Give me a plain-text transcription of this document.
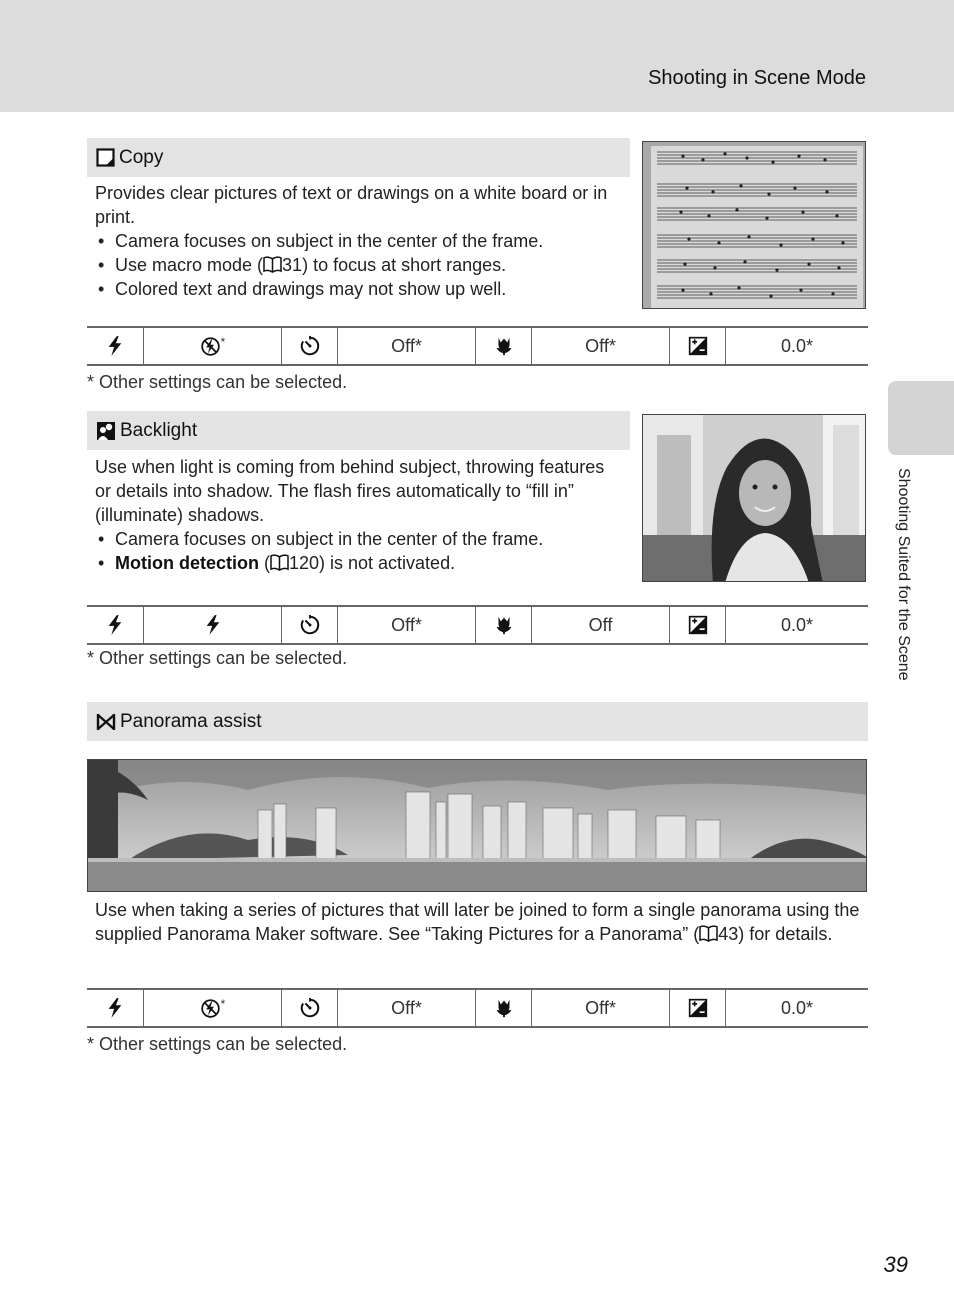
Shooting in Scene Mode
Shooting Suited for the Scene
Copy

Provides clear pictures of text or drawings on a white board or in print.

• Camera focuses on subject in the center of the frame.
• Use macro mode ( 31) to focus at short ranges.
• Colored text and drawings may not show up well.
*	Off*	Off*	0.0*
* Other settings can be selected.
Backlight

Use when light is coming from behind subject, throwing features or details into shadow. The flash fires automatically to “fill in” (illuminate) shadows.

• Camera focuses on subject in the center of the frame.
• Motion detection ( 120) is not activated.
Off*	Off	0.0*
* Other settings can be selected.
Panorama assist

Use when taking a series of pictures that will later be joined to form a single panorama using the supplied Panorama Maker software. See “Taking Pictures for a Panorama” ( 43) for details.

*	Off*	Off*	0.0*
* Other settings can be selected.
39
